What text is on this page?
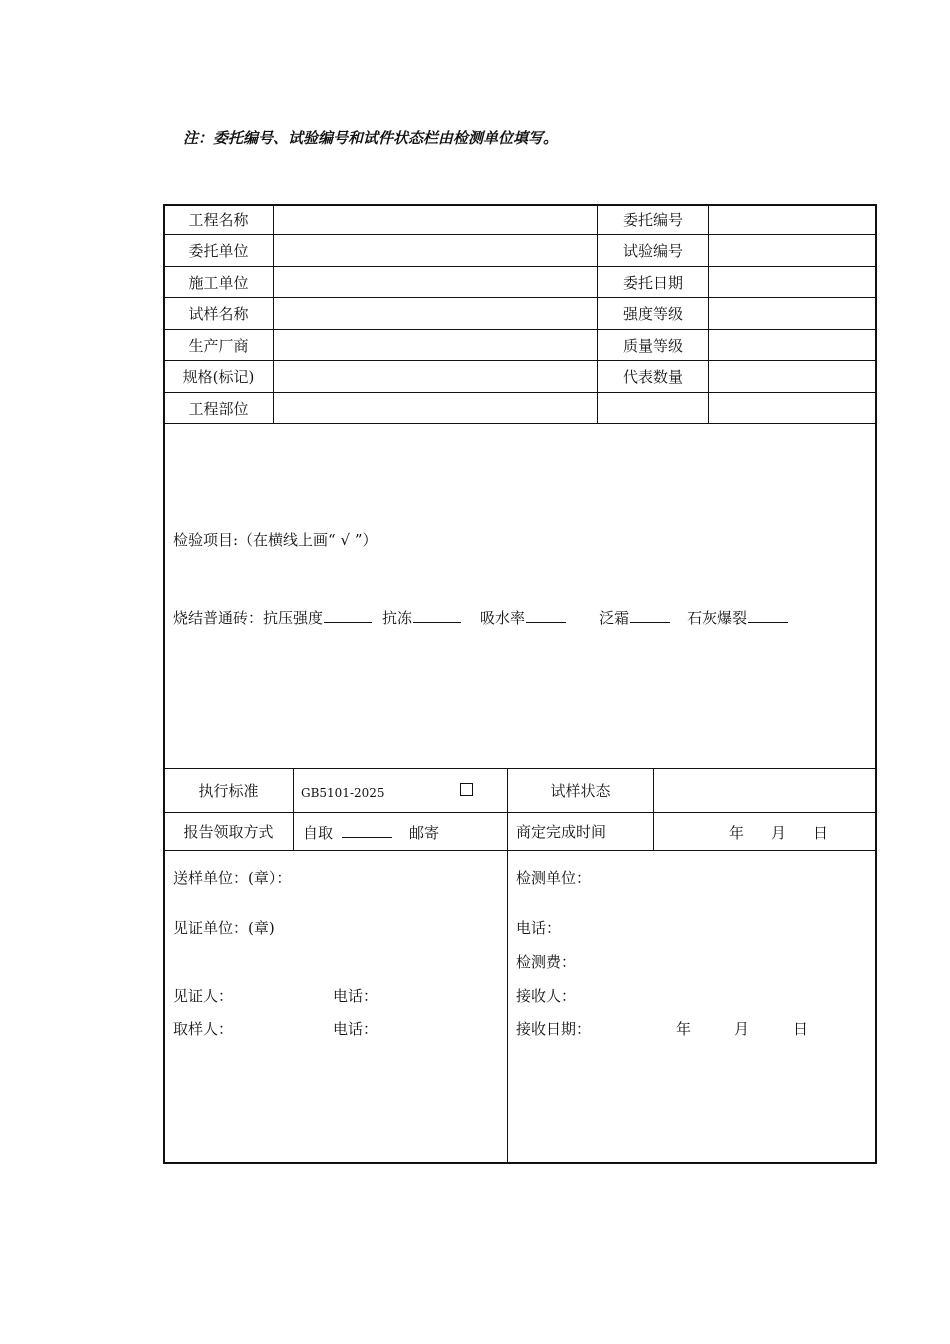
注：委托编号、试验编号和试件状态栏由检测单位填写。
工程名称	委托编号
委托单位	试验编号
施工单位	委托日期
试样名称	强度等级
生产厂商	质量等级
规格(标记)	代表数量
工程部位
检验项目:（在横线上画“ √ ”）
烧结普通砖：抗压强度	抗冻	吸水率	泛霜	石灰爆裂
执行标准	GB5101-2025	试样状态
报告领取方式	自取	邮寄	商定完成时间	年 月 日
送样单位：(章）：
见证单位：(章)
见证人：	电话：
取样人：	电话：
检测单位：
电话：
检测费：
接收人：
接收日期：	年	月	日
